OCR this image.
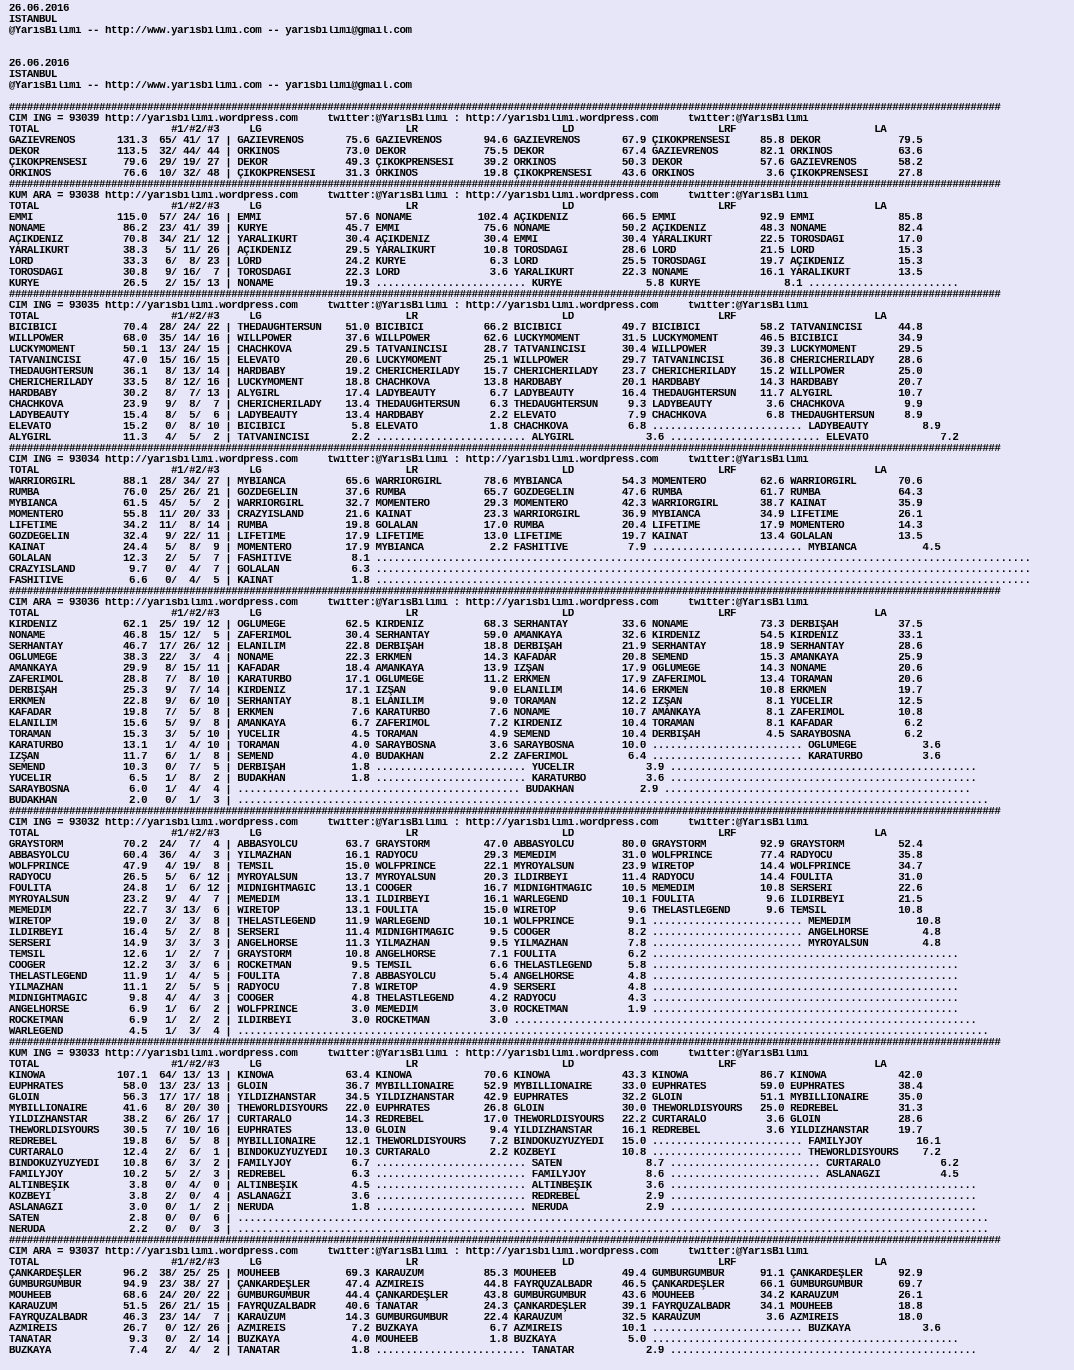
26.06.2016
ISTANBUL
@YarisBilimi -- http://www.yarisbilimi.com -- yarisbilimi@gmail.com

26.06.2016
ISTANBUL
@YarisBilimi -- http://www.yarisbilimi.com -- yarisbilimi@gmail.com

#####################################################################################################################################################################
CIM ING = 93039 http://yarisbilimi.wordpress.com     twitter:@YarisBilimi : http://yarisbilimi.wordpress.com     twitter:@YarisBilimi
TOTAL                      #1/#2/#3     LG                        LR                        LD                        LRF                       LA
GAZİEVRENOS       131.3  65/ 41/ 17 | GAZİEVRENOS       75.6 GAZİEVRENOS       94.6 GAZİEVRENOS       67.9 ÇİKOKPRENSESİ     85.8 DEKOR             79.5
DEKOR             113.5  32/ 44/ 44 | ORKINOS           73.0 DEKOR             75.5 DEKOR             67.4 GAZİEVRENOS       82.1 ORKINOS           63.6
ÇİKOKPRENSESİ      79.6  29/ 19/ 27 | DEKOR             49.3 ÇİKOKPRENSESİ     39.2 ORKINOS           50.3 DEKOR             57.6 GAZİEVRENOS       58.2
ORKINOS            76.6  10/ 32/ 48 | ÇİKOKPRENSESİ     31.3 ORKINOS           19.8 ÇİKOKPRENSESİ     43.6 ORKINOS            3.6 ÇİKOKPRENSESİ     27.8
#####################################################################################################################################################################
KUM ARA = 93038 http://yarisbilimi.wordpress.com     twitter:@YarisBilimi : http://yarisbilimi.wordpress.com     twitter:@YarisBilimi
TOTAL                      #1/#2/#3     LG                        LR                        LD                        LRF                       LA
EMMİ              115.0  57/ 24/ 16 | EMMİ              57.6 NONAME           102.4 AÇIKDENİZ         66.5 EMMİ              92.9 EMMİ              85.8
NONAME             86.2  23/ 41/ 39 | KURYE             45.7 EMMİ              75.6 NONAME            50.2 AÇIKDENİZ         48.3 NONAME            82.4
AÇIKDENİZ          70.8  34/ 21/ 12 | YARALIKURT        30.4 AÇIKDENİZ         30.4 EMMİ              30.4 YARALIKURT        22.5 TOROSDAĞI         17.0
YARALIKURT         38.3   5/ 11/ 26 | AÇIKDENİZ         29.5 YARALIKURT        10.8 TOROSDAĞI         28.6 LORD              21.5 LORD              15.3
LORD               33.3   6/  8/ 23 | LORD              24.2 KURYE              6.3 LORD              25.5 TOROSDAĞI         19.7 AÇIKDENİZ         15.3
TOROSDAĞI          30.8   9/ 16/  7 | TOROSDAĞI         22.3 LORD               3.6 YARALIKURT        22.3 NONAME            16.1 YARALIKURT        13.5
KURYE              26.5   2/ 15/ 13 | NONAME            19.3 ......................... KURYE              5.8 KURYE              8.1 .........................
#####################################################################################################################################################################
CIM ING = 93035 http://yarisbilimi.wordpress.com     twitter:@YarisBilimi : http://yarisbilimi.wordpress.com     twitter:@YarisBilimi
TOTAL                      #1/#2/#3     LG                        LR                        LD                        LRF                       LA
BICIBICI           70.4  28/ 24/ 22 | THEDAUGHTERSUN    51.0 BICIBICI          66.2 BICIBICI          49.7 BICIBICI          58.2 TATVANİNCİSİ      44.8
WILLPOWER          68.0  35/ 14/ 16 | WILLPOWER         37.6 WILLPOWER         62.6 LUCKYMOMENT       31.5 LUCKYMOMENT       46.5 BICIBICI          34.9
LUCKYMOMENT        50.1  13/ 24/ 15 | CHACHKOVA         29.5 TATVANİNCİSİ      28.7 TATVANİNCİSİ      30.4 WILLPOWER         39.3 LUCKYMOMENT       29.5
TATVANİNCİSİ       47.0  15/ 16/ 15 | ELEVATO           20.6 LUCKYMOMENT       25.1 WILLPOWER         29.7 TATVANİNCİSİ      36.8 CHERICHERILADY    28.6
THEDAUGHTERSUN     36.1   8/ 13/ 14 | HARDBABY          19.2 CHERICHERILADY    15.7 CHERICHERILADY    23.7 CHERICHERILADY    15.2 WILLPOWER         25.0
CHERICHERILADY     33.5   8/ 12/ 16 | LUCKYMOMENT       18.8 CHACHKOVA         13.8 HARDBABY          20.1 HARDBABY          14.3 HARDBABY          20.7
HARDBABY           30.2   8/  7/ 13 | ALYGIRL           17.4 LADYBEAUTY         6.7 LADYBEAUTY        16.4 THEDAUGHTERSUN    11.7 ALYGIRL           10.7
CHACHKOVA          23.9   9/  8/  7 | CHERICHERILADY    13.4 THEDAUGHTERSUN     6.3 THEDAUGHTERSUN     9.3 LADYBEAUTY         3.6 CHACHKOVA          9.9
LADYBEAUTY         15.4   8/  5/  6 | LADYBEAUTY        13.4 HARDBABY           2.2 ELEVATO            7.9 CHACHKOVA          6.8 THEDAUGHTERSUN     8.9
ELEVATO            15.2   0/  8/ 10 | BICIBICI           5.8 ELEVATO            1.8 CHACHKOVA          6.8 ......................... LADYBEAUTY         8.9
ALYGIRL            11.3   4/  5/  2 | TATVANİNCİSİ       2.2 ......................... ALYGIRL            3.6 ......................... ELEVATO            7.2
#####################################################################################################################################################################
CIM ING = 93034 http://yarisbilimi.wordpress.com     twitter:@YarisBilimi : http://yarisbilimi.wordpress.com     twitter:@YarisBilimi
TOTAL                      #1/#2/#3     LG                        LR                        LD                        LRF                       LA
WARRIORGIRL        88.1  28/ 34/ 27 | MYBIANCA          65.6 WARRIORGIRL       78.6 MYBIANCA          54.3 MOMENTERO         62.6 WARRIORGIRL       70.6
RUMBA              76.0  25/ 26/ 21 | GÖZDEGELİN        37.6 RUMBA             65.7 GÖZDEGELİN        47.6 RUMBA             61.7 RUMBA             64.3
MYBIANCA           61.5  45/  5/  2 | WARRIORGIRL       32.7 MOMENTERO         29.3 MOMENTERO         42.3 WARRIORGIRL       38.7 KAİNAT            35.9
MOMENTERO          55.8  11/ 20/ 33 | CRAZYISLAND       21.6 KAİNAT            23.3 WARRIORGIRL       36.9 MYBIANCA          34.9 LIFETIME          26.1
LIFETIME           34.2  11/  8/ 14 | RUMBA             19.8 GOLALAN           17.0 RUMBA             20.4 LIFETIME          17.9 MOMENTERO         14.3
GÖZDEGELİN         32.4   9/ 22/ 11 | LIFETIME          17.9 LIFETIME          13.0 LIFETIME          19.7 KAİNAT            13.4 GOLALAN           13.5
KAİNAT             24.4   5/  8/  9 | MOMENTERO         17.9 MYBIANCA           2.2 FASHITIVE          7.9 ......................... MYBIANCA           4.5
GOLALAN            12.3   2/  5/  7 | FASHITIVE          8.1 .............................................................................................................
CRAZYISLAND         9.7   0/  4/  7 | GOLALAN            6.3 .............................................................................................................
FASHITIVE           6.6   0/  4/  5 | KAİNAT             1.8 .............................................................................................................
#####################################################################################################################################################################
CIM ARA = 93036 http://yarisbilimi.wordpress.com     twitter:@YarisBilimi : http://yarisbilimi.wordpress.com     twitter:@YarisBilimi
TOTAL                      #1/#2/#3     LG                        LR                        LD                        LRF                       LA
KIRDENİZ           62.1  25/ 19/ 12 | OĞLUMEGE          62.5 KIRDENİZ          68.3 SERHANTAY         33.6 NONAME            73.3 DERBİŞAH          37.5
NONAME             46.8  15/ 12/  5 | ZAFERİMOL         30.4 SERHANTAY         59.0 AMANKAYA          32.6 KIRDENİZ          54.5 KIRDENİZ          33.1
SERHANTAY          46.7  17/ 26/ 12 | ELANİLİM          22.8 DERBİŞAH          18.8 DERBİŞAH          21.9 SERHANTAY         18.9 SERHANTAY         28.6
OĞLUMEGE           38.3  22/  3/  4 | NONAME            22.3 ERKMEN            14.3 KAFADAR           20.8 SEMEND            15.3 AMANKAYA          25.9
AMANKAYA           29.9   8/ 15/ 11 | KAFADAR           18.4 AMANKAYA          13.9 İZŞAN             17.9 OĞLUMEGE          14.3 NONAME            20.6
ZAFERİMOL          28.8   7/  8/ 10 | KARATURBO         17.1 OĞLUMEGE          11.2 ERKMEN            17.9 ZAFERİMOL         13.4 TORAMAN           20.6
DERBİŞAH           25.3   9/  7/ 14 | KIRDENİZ          17.1 İZŞAN              9.0 ELANİLİM          14.6 ERKMEN            10.8 ERKMEN            19.7
ERKMEN             22.8   9/  6/ 10 | SERHANTAY          8.1 ELANİLİM           9.0 TORAMAN           12.2 İZŞAN              8.1 YÜCELİR           12.5
KAFADAR            19.8   7/  5/  8 | ERKMEN             7.6 KARATURBO          7.6 NONAME            10.7 AMANKAYA           8.1 ZAFERİMOL         10.8
ELANİLİM           15.6   5/  9/  8 | AMANKAYA           6.7 ZAFERİMOL          7.2 KIRDENİZ          10.4 TORAMAN            8.1 KAFADAR            6.2
TORAMAN            15.3   3/  5/ 10 | YÜCELİR            4.5 TORAMAN            4.9 SEMEND            10.4 DERBİŞAH           4.5 SARAYBOSNA         6.2
KARATURBO          13.1   1/  4/ 10 | TORAMAN            4.0 SARAYBOSNA         3.6 SARAYBOSNA        10.0 ......................... OĞLUMEGE           3.6
İZŞAN              11.7   6/  1/  8 | SEMEND             4.0 BUDAKHAN           2.2 ZAFERİMOL          6.4 ......................... KARATURBO          3.6
SEMEND             10.3   0/  7/  5 | DERBİŞAH           1.8 ......................... YÜCELİR            3.9 ...................................................
YÜCELİR             6.5   1/  8/  2 | BUDAKHAN           1.8 ......................... KARATURBO          3.6 ...................................................
SARAYBOSNA          6.0   1/  4/  4 | ............................................... BUDAKHAN           2.9 ...................................................
BUDAKHAN            2.0   0/  1/  3 | .............................................................................................................................
#####################################################################################################################################################################
CIM ING = 93032 http://yarisbilimi.wordpress.com     twitter:@YarisBilimi : http://yarisbilimi.wordpress.com     twitter:@YarisBilimi
TOTAL                      #1/#2/#3     LG                        LR                        LD                        LRF                       LA
GRAYSTORM          70.2  24/  7/  4 | ABBASYOLCU        63.7 GRAYSTORM         47.0 ABBASYOLCU        80.0 GRAYSTORM         92.9 GRAYSTORM         52.4
ABBASYOLCU         60.4  36/  4/  3 | YILMAZHAN         16.1 RADYOCU           29.3 MEMEDİM           31.0 WOLFPRINCE        77.4 RADYOCU           35.8
WOLFPRINCE         47.9   4/ 19/  8 | TEMSİL            15.0 WOLFPRINCE        22.1 MYROYALSUN        23.9 WIRETOP           14.4 WOLFPRINCE        34.7
RADYOCU            26.5   5/  6/ 12 | MYROYALSUN        13.7 MYROYALSUN        20.3 ILDIRBEYI         11.4 RADYOCU           14.4 FOULITA           31.0
FOULITA            24.8   1/  6/ 12 | MIDNIGHTMAGIC     13.1 COOGER            16.7 MIDNIGHTMAGIC     10.5 MEMEDİM           10.8 SERSERİ           22.6
MYROYALSUN         23.2   9/  4/  7 | MEMEDİM           13.1 ILDIRBEYI         16.1 WARLEGEND         10.1 FOULITA            9.6 ILDIRBEYI         21.5
MEMEDİM            22.7   3/ 13/  6 | WIRETOP           13.1 FOULITA           15.0 WIRETOP            9.6 THELASTLEGEND      9.6 TEMSİL            10.8
WIRETOP            19.0   2/  3/  8 | THELASTLEGEND     11.9 WARLEGEND         10.1 WOLFPRINCE         9.1 ......................... MEMEDİM           10.8
ILDIRBEYI          16.4   5/  2/  8 | SERSERİ           11.4 MIDNIGHTMAGIC      9.5 COOGER             8.2 ......................... ANGELHORSE         4.8
SERSERİ            14.9   3/  3/  3 | ANGELHORSE        11.3 YILMAZHAN          9.5 YILMAZHAN          7.8 ......................... MYROYALSUN         4.8
TEMSİL             12.6   1/  2/  7 | GRAYSTORM         10.8 ANGELHORSE         7.1 FOULITA            6.2 ...................................................
COOGER             12.2   3/  3/  6 | ROCKETMAN          9.5 TEMSİL             6.6 THELASTLEGEND      5.8 ...................................................
THELASTLEGEND      11.9   1/  4/  5 | FOULITA            7.8 ABBASYOLCU         5.4 ANGELHORSE         4.8 ...................................................
YILMAZHAN          11.1   2/  5/  5 | RADYOCU            7.8 WIRETOP            4.9 SERSERİ            4.8 ...................................................
MIDNIGHTMAGIC       9.8   4/  4/  3 | COOGER             4.8 THELASTLEGEND      4.2 RADYOCU            4.3 ...................................................
ANGELHORSE          6.9   1/  6/  2 | WOLFPRINCE         3.0 MEMEDİM            3.0 ROCKETMAN          1.9 ...................................................
ROCKETMAN           6.9   1/  2/  2 | ILDIRBEYI          3.0 ROCKETMAN          3.0 .............................................................................
WARLEGEND           4.5   1/  3/  4 | .............................................................................................................................
#####################################################################################################################################################################
KUM ING = 93033 http://yarisbilimi.wordpress.com     twitter:@YarisBilimi : http://yarisbilimi.wordpress.com     twitter:@YarisBilimi
TOTAL                      #1/#2/#3     LG                        LR                        LD                        LRF                       LA
KINOWA            107.1  64/ 13/ 13 | KINOWA            63.4 KINOWA            70.6 KINOWA            43.3 KINOWA            86.7 KINOWA            42.0
EUPHRATES          58.0  13/ 23/ 13 | GLOIN             36.7 MYBILLIONAIRE     52.9 MYBILLIONAIRE     33.0 EUPHRATES         59.0 EUPHRATES         38.4
GLOIN              56.3  17/ 17/ 18 | YILDIZHANSTAR     34.5 YILDIZHANSTAR     42.9 EUPHRATES         32.2 GLOIN             51.1 MYBILLIONAIRE     35.0
MYBILLIONAIRE      41.6   8/ 20/ 30 | THEWORLDISYOURS   22.0 EUPHRATES         26.8 GLOIN             30.0 THEWORLDISYOURS   25.0 REDREBEL          31.3
YILDIZHANSTAR      38.2   6/ 26/ 17 | CURTARALO         14.3 REDREBEL          17.0 THEWORLDISYOURS   22.2 CURTARALO          3.6 GLOIN             28.6
THEWORLDISYOURS    30.5   7/ 10/ 16 | EUPHRATES         13.0 GLOIN              9.4 YILDIZHANSTAR     16.1 REDREBEL           3.6 YILDIZHANSTAR     19.7
REDREBEL           19.8   6/  5/  8 | MYBILLIONAIRE     12.1 THEWORLDISYOURS    7.2 BİNDOKUZYÜZYEDİ   15.0 ......................... FAMILYJOY         16.1
CURTARALO          12.4   2/  6/  1 | BİNDOKUZYÜZYEDİ   10.3 CURTARALO          2.2 KOZBEYI           10.8 ......................... THEWORLDISYOURS    7.2
BİNDOKUZYÜZYEDİ    10.8   6/  3/  2 | FAMILYJOY          6.7 ......................... SATEN              8.7 ......................... CURTARALO          6.2
FAMILYJOY          10.2   5/  2/  3 | REDREBEL           6.3 ......................... FAMILYJOY          8.6 ......................... ASLANAĞZI          4.5
ALTINBEŞİK          3.8   0/  4/  0 | ALTINBEŞİK         4.5 ......................... ALTINBEŞİK         3.6 ...................................................
KOZBEYI             3.8   2/  0/  4 | ASLANAĞZI          3.6 ......................... REDREBEL           2.9 ...................................................
ASLANAĞZI           3.0   0/  1/  2 | NERUDA             1.8 ......................... NERUDA             2.9 ...................................................
SATEN               2.8   0/  0/  6 | .............................................................................................................................
NERUDA              2.2   0/  0/  3 | .............................................................................................................................
#####################################################################################################################################################################
CIM ARA = 93037 http://yarisbilimi.wordpress.com     twitter:@YarisBilimi : http://yarisbilimi.wordpress.com     twitter:@YarisBilimi
TOTAL                      #1/#2/#3     LG                        LR                        LD                        LRF                       LA
ÇANKARDEŞLER       96.2  38/ 25/ 25 | MOUHEEB           69.3 KARAÜZÜM          85.3 MOUHEEB           49.4 GÜMBÜRGÜMBÜR      91.1 ÇANKARDEŞLER      92.9
GÜMBÜRGÜMBÜR       94.9  23/ 38/ 27 | ÇANKARDEŞLER      47.4 AZMİREİS          44.8 FAYRQUZALBADR     46.5 ÇANKARDEŞLER      66.1 GÜMBÜRGÜMBÜR      69.7
MOUHEEB            68.6  24/ 20/ 22 | GÜMBÜRGÜMBÜR      44.4 ÇANKARDEŞLER      43.8 GÜMBÜRGÜMBÜR      43.6 MOUHEEB           34.2 KARAÜZÜM          26.1
KARAÜZÜM           51.5  26/ 21/ 15 | FAYRQUZALBADR     40.6 TANATAR           24.3 ÇANKARDEŞLER      39.1 FAYRQUZALBADR     34.1 MOUHEEB           18.8
FAYRQUZALBADR      46.3  23/ 14/  7 | KARAÜZÜM          14.3 GÜMBÜRGÜMBÜR      22.4 KARAÜZÜM          32.5 KARAÜZÜM           3.6 AZMİREİS          18.0
AZMİREİS           26.7   0/ 12/ 26 | AZMİREİS           7.2 BUZKAYA            6.7 AZMİREİS          10.1 ......................... BUZKAYA            3.6
TANATAR             9.3   0/  2/ 14 | BUZKAYA            4.0 MOUHEEB            1.8 BUZKAYA            5.0 ...................................................
BUZKAYA             7.4   2/  4/  2 | TANATAR            1.8 ......................... TANATAR            2.9 ...................................................
